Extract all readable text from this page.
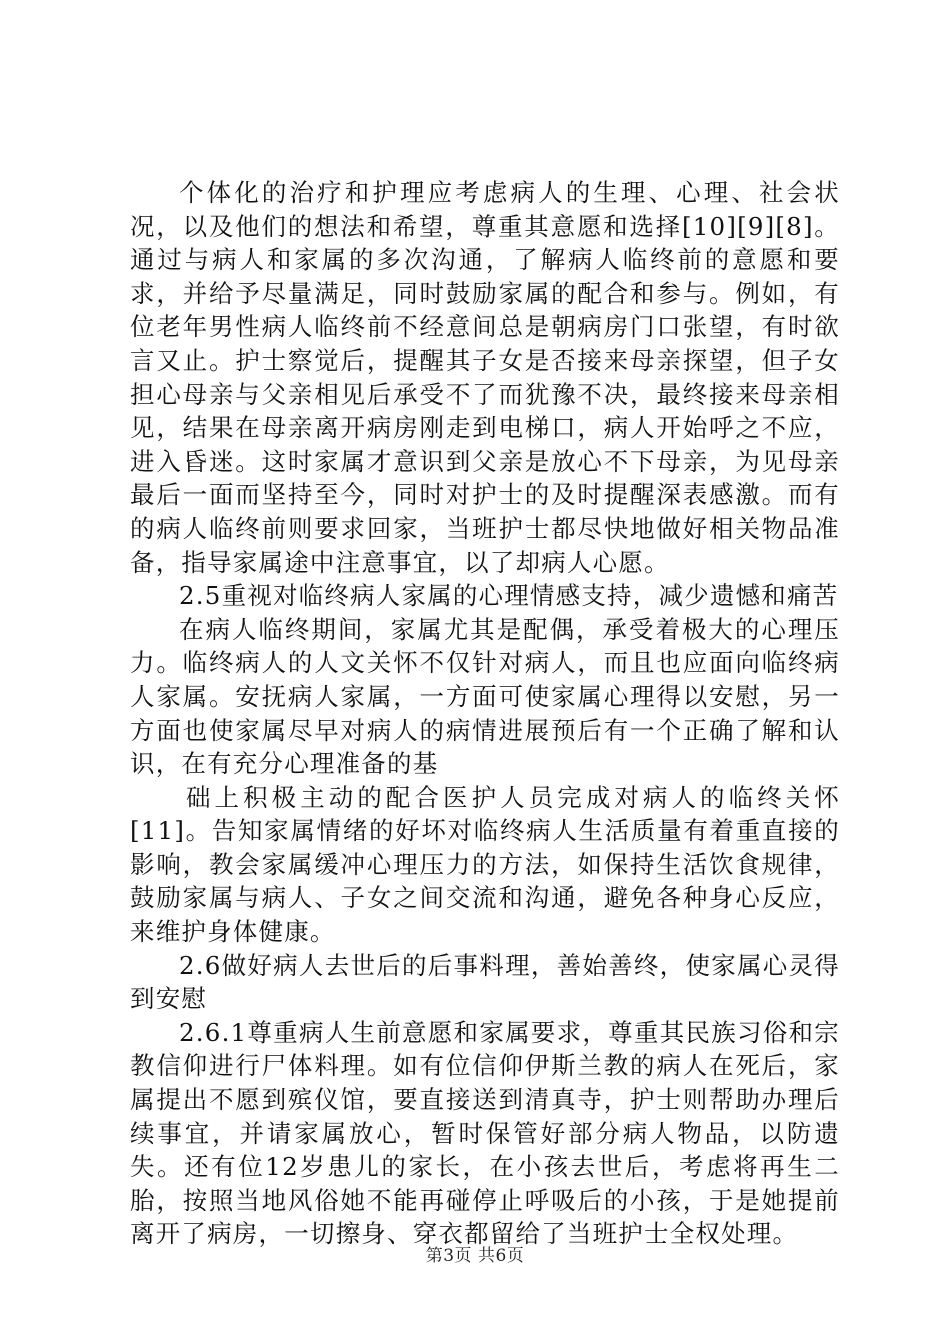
个体化的治疗和护理应考虑病人的生理、心理、社会状况，以及他们的想法和希望，尊重其意愿和选择[10][9][8]。通过与病人和家属的多次沟通，了解病人临终前的意愿和要求，并给予尽量满足，同时鼓励家属的配合和参与。例如，有位老年男性病人临终前不经意间总是朝病房门口张望，有时欲言又止。护士察觉后，提醒其子女是否接来母亲探望，但子女担心母亲与父亲相见后承受不了而犹豫不决，最终接来母亲相见，结果在母亲离开病房刚走到电梯口，病人开始呼之不应，进入昏迷。这时家属才意识到父亲是放心不下母亲，为见母亲最后一面而坚持至今，同时对护士的及时提醒深表感激。而有的病人临终前则要求回家，当班护士都尽快地做好相关物品准备，指导家属途中注意事宜，以了却病人心愿。

2.5重视对临终病人家属的心理情感支持，减少遗憾和痛苦

在病人临终期间，家属尤其是配偶，承受着极大的心理压力。临终病人的人文关怀不仅针对病人，而且也应面向临终病人家属。安抚病人家属，一方面可使家属心理得以安慰，另一方面也使家属尽早对病人的病情进展预后有一个正确了解和认识，在有充分心理准备的基

础上积极主动的配合医护人员完成对病人的临终关怀[11]。告知家属情绪的好坏对临终病人生活质量有着重直接的影响，教会家属缓冲心理压力的方法，如保持生活饮食规律，鼓励家属与病人、子女之间交流和沟通，避免各种身心反应，来维护身体健康。

2.6做好病人去世后的后事料理，善始善终，使家属心灵得到安慰

2.6.1尊重病人生前意愿和家属要求，尊重其民族习俗和宗教信仰进行尸体料理。如有位信仰伊斯兰教的病人在死后，家属提出不愿到殡仪馆，要直接送到清真寺，护士则帮助办理后续事宜，并请家属放心，暂时保管好部分病人物品，以防遗失。还有位12岁患儿的家长，在小孩去世后，考虑将再生二胎，按照当地风俗她不能再碰停止呼吸后的小孩，于是她提前离开了病房，一切擦身、穿衣都留给了当班护士全权处理。

第3页 共6页
